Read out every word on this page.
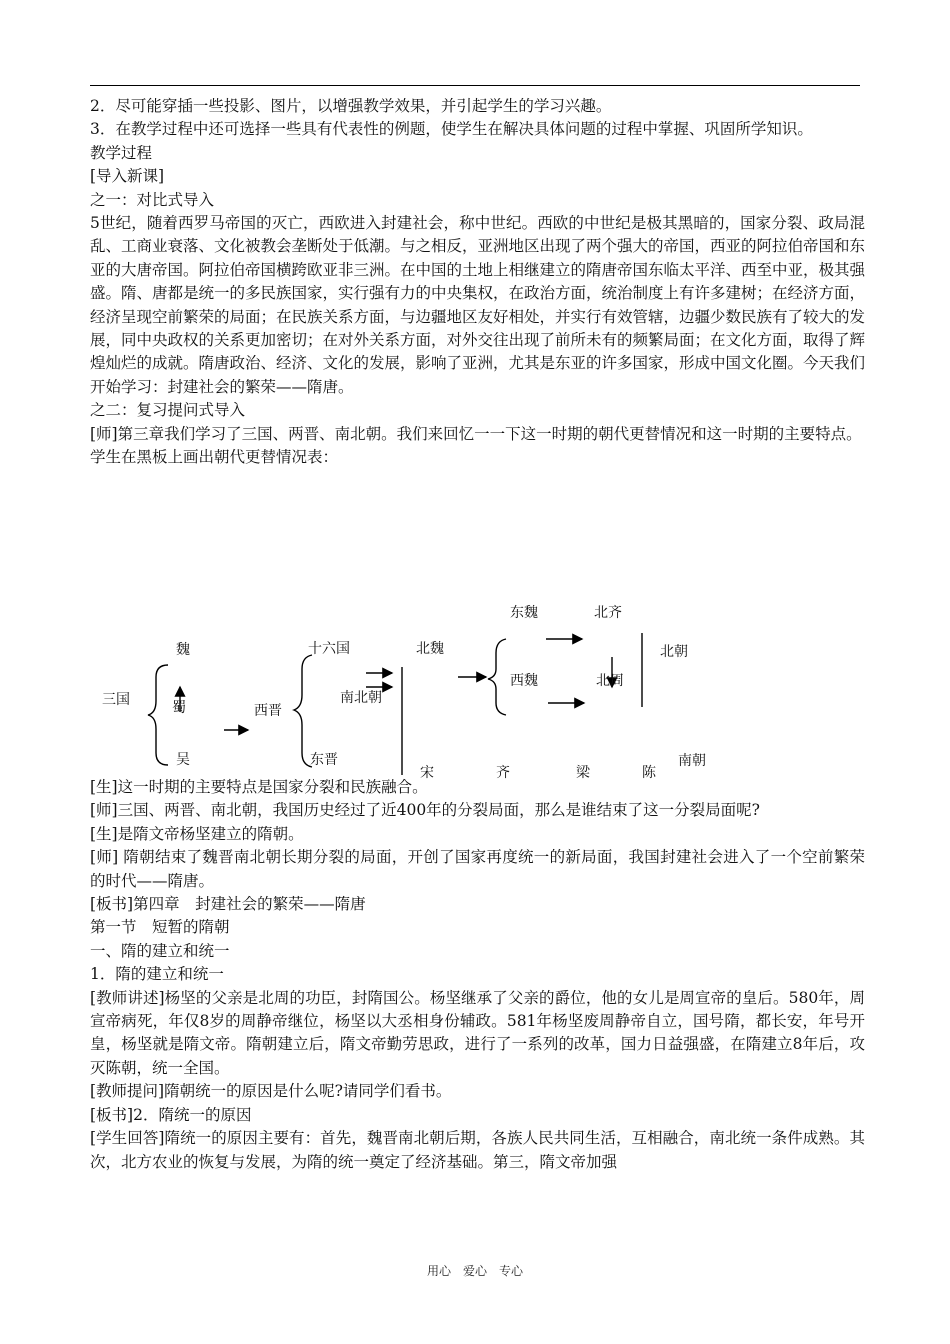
2．尽可能穿插一些投影、图片，以增强教学效果，并引起学生的学习兴趣。

3．在教学过程中还可选择一些具有代表性的例题，使学生在解决具体问题的过程中掌握、巩固所学知识。

教学过程

[导入新课]

之一：对比式导入

5世纪，随着西罗马帝国的灭亡，西欧进入封建社会，称中世纪。西欧的中世纪是极其黑暗的，国家分裂、政局混乱、工商业衰落、文化被教会垄断处于低潮。与之相反，亚洲地区出现了两个强大的帝国，西亚的阿拉伯帝国和东亚的大唐帝国。阿拉伯帝国横跨欧亚非三洲。在中国的土地上相继建立的隋唐帝国东临太平洋、西至中亚，极其强盛。隋、唐都是统一的多民族国家，实行强有力的中央集权，在政治方面，统治制度上有许多建树；在经济方面，经济呈现空前繁荣的局面；在民族关系方面，与边疆地区友好相处，并实行有效管辖，边疆少数民族有了较大的发展，同中央政权的关系更加密切；在对外关系方面，对外交往出现了前所未有的频繁局面；在文化方面，取得了辉煌灿烂的成就。隋唐政治、经济、文化的发展，影响了亚洲，尤其是东亚的许多国家，形成中国文化圈。今天我们开始学习：封建社会的繁荣——隋唐。

之二：复习提问式导入

[师]第三章我们学习了三国、两晋、南北朝。我们来回忆一一下这一时期的朝代更替情况和这一时期的主要特点。

学生在黑板上画出朝代更替情况表：

三国
魏
蜀
吴
西晋
十六国
南北朝
东晋
北魏
东魏
西魏
北齐
北周
北朝
宋	齐	梁	陈
南朝

[生]这一时期的主要特点是国家分裂和民族融合。

[师]三国、两晋、南北朝，我国历史经过了近400年的分裂局面，那么是谁结束了这一分裂局面呢?

[生]是隋文帝杨坚建立的隋朝。

[师] 隋朝结束了魏晋南北朝长期分裂的局面，开创了国家再度统一的新局面，我国封建社会进入了一个空前繁荣的时代——隋唐。

[板书]第四章　封建社会的繁荣——隋唐

第一节　短暂的隋朝

一、隋的建立和统一

1．隋的建立和统一

[教师讲述]杨坚的父亲是北周的功臣，封隋国公。杨坚继承了父亲的爵位，他的女儿是周宣帝的皇后。580年，周宣帝病死，年仅8岁的周静帝继位，杨坚以大丞相身份辅政。581年杨坚废周静帝自立，国号隋，都长安，年号开皇，杨坚就是隋文帝。隋朝建立后，隋文帝勤劳思政，进行了一系列的改革，国力日益强盛，在隋建立8年后，攻灭陈朝，统一全国。

[教师提问]隋朝统一的原因是什么呢?请同学们看书。

[板书]2．隋统一的原因

[学生回答]隋统一的原因主要有：首先，魏晋南北朝后期，各族人民共同生活，互相融合，南北统一条件成熟。其次，北方农业的恢复与发展，为隋的统一奠定了经济基础。第三，隋文帝加强

用心　爱心　专心
